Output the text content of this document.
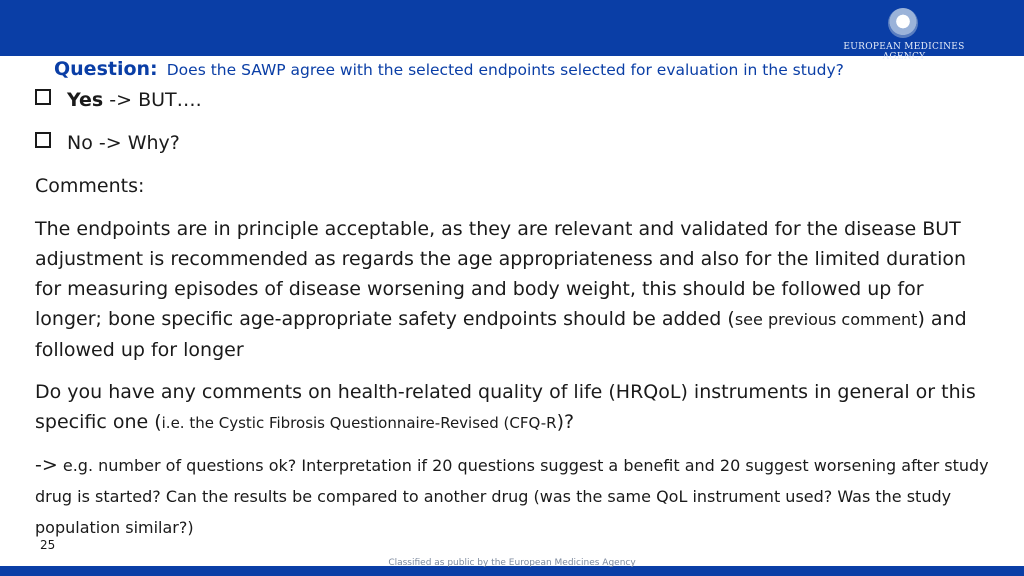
EUROPEAN MEDICINES AGENCY
Question: Does the SAWP agree with the selected endpoints selected for evaluation in the study?
Yes -> BUT….
No -> Why?
Comments:
The endpoints are in principle acceptable, as they are relevant and validated for the disease BUT adjustment is recommended as regards the age appropriateness and also for the limited duration for measuring episodes of disease worsening and body weight, this should be followed up for longer; bone specific age-appropriate safety endpoints should be added (see previous comment) and followed up for longer
Do you have any comments on health-related quality of life (HRQoL) instruments in general or this specific one (i.e. the Cystic Fibrosis Questionnaire-Revised (CFQ-R)?
-> e.g. number of questions ok? Interpretation if 20 questions suggest a benefit and 20 suggest worsening after study drug is started? Can the results be compared to another drug (was the same QoL instrument used? Was the study population similar?)
25
Classified as public by the European Medicines Agency
